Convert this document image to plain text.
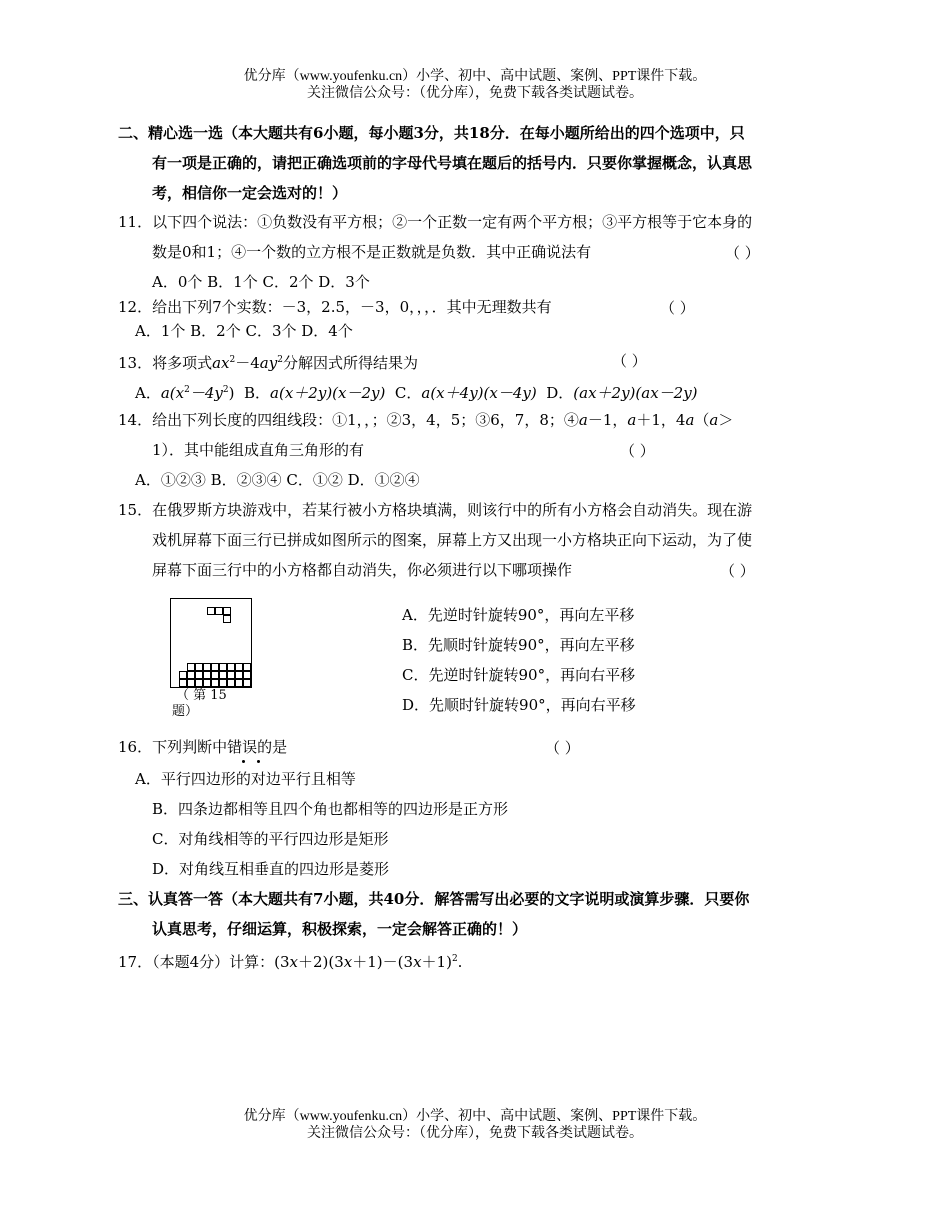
优分库（www.youfenku.cn）小学、初中、高中试题、案例、PPT课件下载。
关注微信公众号：（优分库），免费下载各类试题试卷。
二、精心选一选（本大题共有6小题，每小题3分，共18分．在每小题所给出的四个选项中，只
有一项是正确的，请把正确选项前的字母代号填在题后的括号内．只要你掌握概念，认真思
考，相信你一定会选对的！）
11．以下四个说法：①负数没有平方根；②一个正数一定有两个平方根；③平方根等于它本身的
数是0和1；④一个数的立方根不是正数就是负数．其中正确说法有	（ ）
A．0个 B．1个 C．2个 D．3个
12．给出下列7个实数：－3，2.5，－3，0，，，．其中无理数共有	（ ）
A．1个 B．2个 C．3个 D．4个
13．将多项式$ax^2-4ay^2$分解因式所得结果为	（ ）
A．$a(x^2-4y^2)$ B．a(x＋2y)(x－2y) C．a(x＋4y)(x－4y) D．(ax＋2y)(ax－2y)
14．给出下列长度的四组线段：①1，，；②3，4，5；③6，7，8；④a－1，a＋1，4a（a＞
1）．其中能组成直角三角形的有	（ ）
A．①②③ B．②③④ C．①② D．①②④
15．在俄罗斯方块游戏中，若某行被小方格块填满，则该行中的所有小方格会自动消失。现在游
戏机屏幕下面三行已拼成如图所示的图案，屏幕上方又出现一小方格块正向下运动，为了使
屏幕下面三行中的小方格都自动消失，你必须进行以下哪项操作	（ ）
（ 第 15
题）
A．先逆时针旋转90°，再向左平移
B．先顺时针旋转90°，再向左平移
C．先逆时针旋转90°，再向右平移
D．先顺时针旋转90°，再向右平移
16．下列判断中错误的是	（ ）
A．平行四边形的对边平行且相等
B．四条边都相等且四个角也都相等的四边形是正方形
C．对角线相等的平行四边形是矩形
D．对角线互相垂直的四边形是菱形
三、认真答一答（本大题共有7小题，共40分．解答需写出必要的文字说明或演算步骤．只要你
认真思考，仔细运算，积极探索，一定会解答正确的！）
17．（本题4分）计算：$(3x+2)(3x+1)-(3x+1)^2$.
优分库（www.youfenku.cn）小学、初中、高中试题、案例、PPT课件下载。
关注微信公众号：（优分库），免费下载各类试题试卷。
